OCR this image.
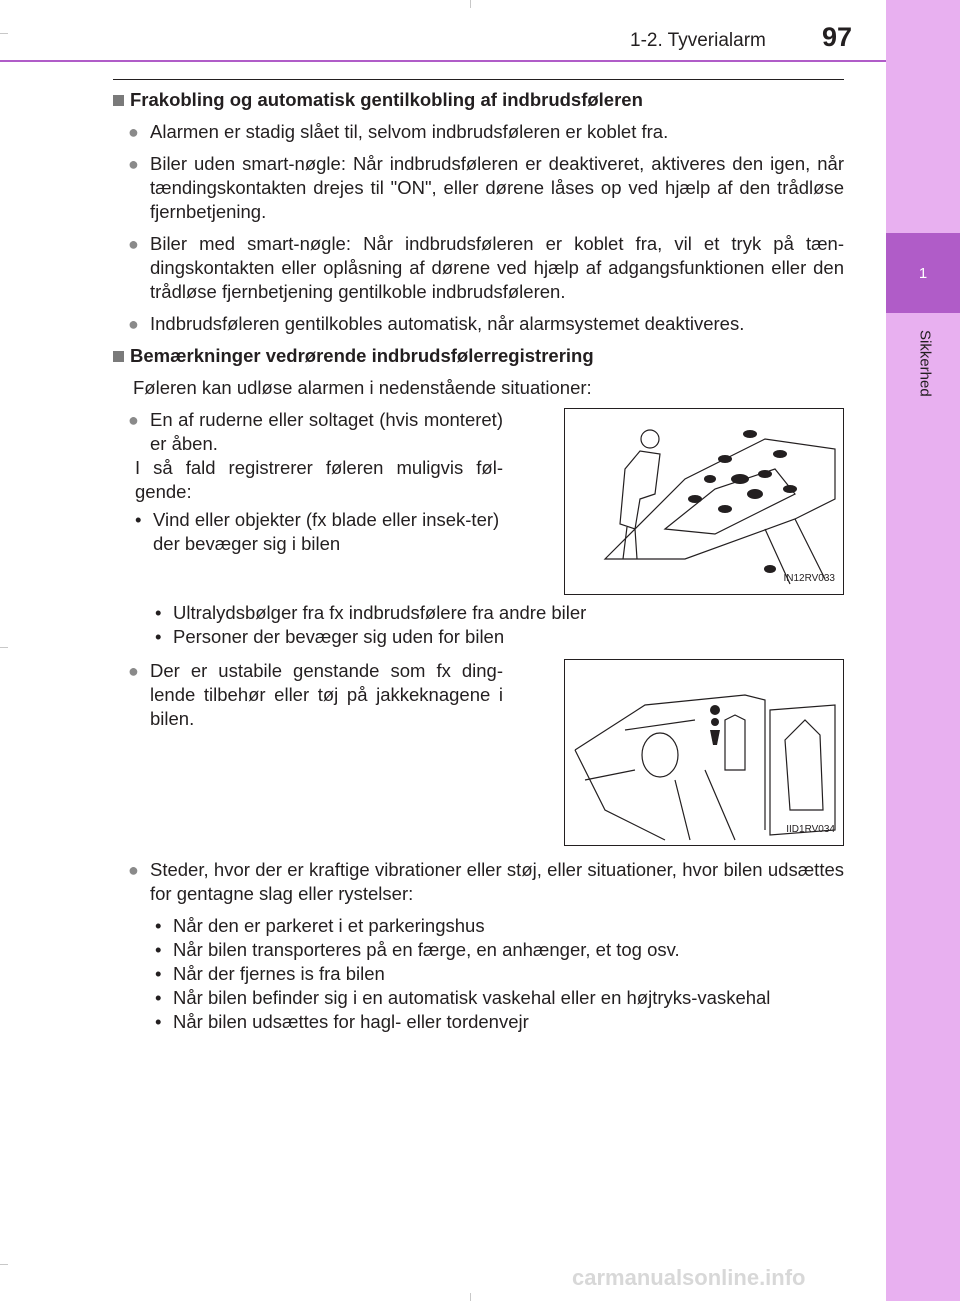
1
Sikkerhed
1-2. Tyverialarm 97
Frakobling og automatisk gentilkobling af indbrudsføleren
● Alarmen er stadig slået til, selvom indbrudsføleren er koblet fra.
● Biler uden smart-nøgle: Når indbrudsføleren er deaktiveret, aktiveres den igen, når tændingskontakten drejes til "ON", eller dørene låses op ved hjælp af den trådløse fjernbetjening.
● Biler med smart-nøgle: Når indbrudsføleren er koblet fra, vil et tryk på tæn-dingskontakten eller oplåsning af dørene ved hjælp af adgangsfunktionen eller den trådløse fjernbetjening gentilkoble indbrudsføleren.
● Indbrudsføleren gentilkobles automatisk, når alarmsystemet deaktiveres.
Bemærkninger vedrørende indbrudsfølerregistrering
Føleren kan udløse alarmen i nedenstående situationer:
● En af ruderne eller soltaget (hvis monteret) er åben.
I så fald registrerer føleren muligvis føl-gende:
• Vind eller objekter (fx blade eller insek-ter) der bevæger sig i bilen
IN12RV033
• Ultralydsbølger fra fx indbrudsfølere fra andre biler
• Personer der bevæger sig uden for bilen
● Der er ustabile genstande som fx ding-lende tilbehør eller tøj på jakkeknagene i bilen.
IID1RV034
● Steder, hvor der er kraftige vibrationer eller støj, eller situationer, hvor bilen udsættes for gentagne slag eller rystelser:
• Når den er parkeret i et parkeringshus
• Når bilen transporteres på en færge, en anhænger, et tog osv.
• Når der fjernes is fra bilen
• Når bilen befinder sig i en automatisk vaskehal eller en højtryks-vaskehal
• Når bilen udsættes for hagl- eller tordenvejr
carmanualsonline.info
